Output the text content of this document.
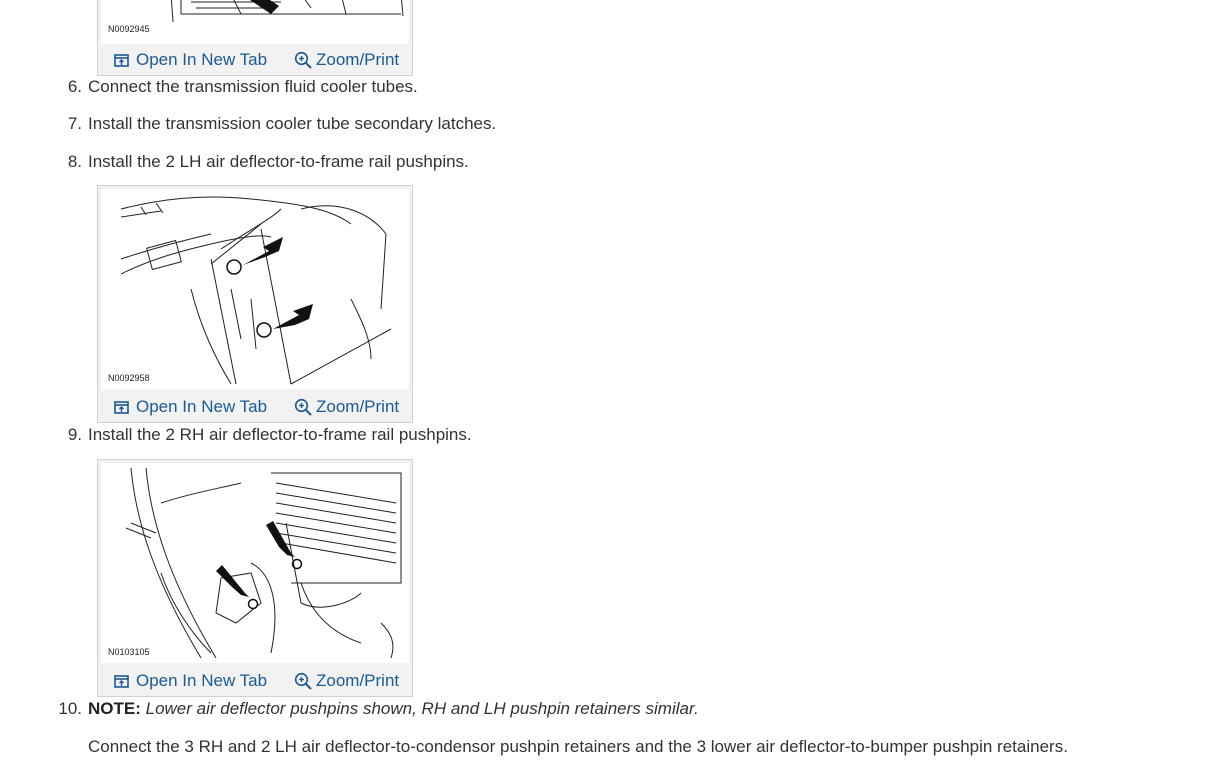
N0092945
Open In New Tab	Zoom/Print
6. Connect the transmission fluid cooler tubes.
7. Install the transmission cooler tube secondary latches.
8. Install the 2 LH air deflector-to-frame rail pushpins.
N0092958
Open In New Tab	Zoom/Print
9. Install the 2 RH air deflector-to-frame rail pushpins.
N0103105
Open In New Tab	Zoom/Print
10. NOTE: Lower air deflector pushpins shown, RH and LH pushpin retainers similar.
Connect the 3 RH and 2 LH air deflector-to-condensor pushpin retainers and the 3 lower air deflector-to-bumper pushpin retainers.
